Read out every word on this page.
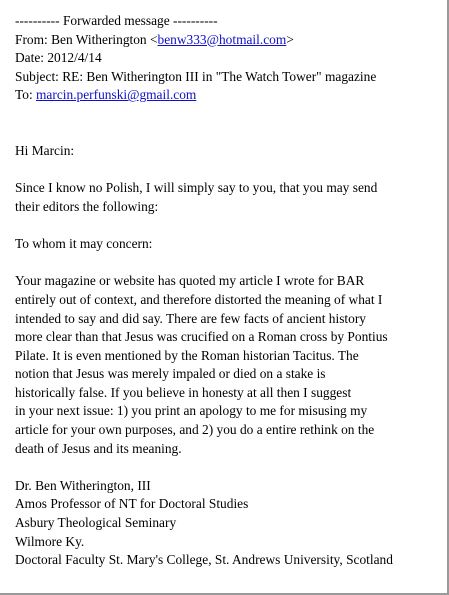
---------- Forwarded message ----------
From: Ben Witherington <benw333@hotmail.com>
Date: 2012/4/14
Subject: RE: Ben Witherington III in "The Watch Tower" magazine
To: marcin.perfunski@gmail.com
Hi Marcin:
Since I know no Polish, I will simply say to you, that you may send
their editors the following:
To whom it may concern:
Your magazine or website has quoted my article I wrote for BAR
entirely out of context, and therefore distorted the meaning of what I
intended to say and did say. There are few facts of ancient history
more clear than that Jesus was crucified on a Roman cross by Pontius
Pilate. It is even mentioned by the Roman historian Tacitus. The
notion that Jesus was merely impaled or died on a stake is
historically false. If you believe in honesty at all then I suggest
in your next issue: 1) you print an apology to me for misusing my
article for your own purposes, and 2) you do a entire rethink on the
death of Jesus and its meaning.
Dr. Ben Witherington, III
Amos Professor of NT for Doctoral Studies
Asbury Theological Seminary
Wilmore Ky.
Doctoral Faculty St. Mary's College, St. Andrews University, Scotland
